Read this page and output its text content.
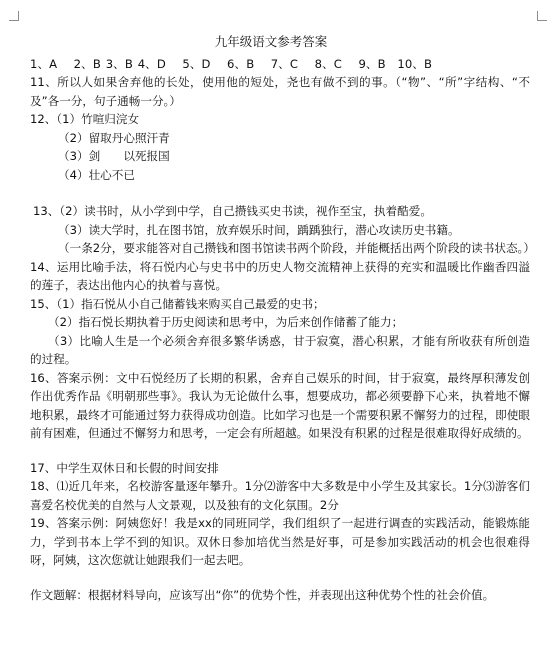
九年级语文参考答案
1、A　 2、B 3、B 4、D　 5、D　 6、B　 7、C　 8、C　 9、B　10、B
11、所以人如果舍弃他的长处，使用他的短处，尧也有做不到的事。（“物”、“所”字结构、“不及”各一分，句子通畅一分。）
12、（1）竹喧归浣女
（2）留取丹心照汗青
（3）剑　　以死报国
（4）壮心不已
13、（2）读书时，从小学到中学，自己攒钱买史书读，视作至宝，执着酷爱。
（3）读大学时，扎在图书馆，放弃娱乐时间，踽踽独行，潜心攻读历史书籍。
（一条2分，要求能答对自己攒钱和图书馆读书两个阶段，并能概括出两个阶段的读书状态。）
14、运用比喻手法，将石悦内心与史书中的历史人物交流精神上获得的充实和温暖比作幽香四溢的莲子，表达出他内心的执着与喜悦。
15、（1）指石悦从小自己储蓄钱来购买自己最爱的史书；
（2）指石悦长期执着于历史阅读和思考中，为后来创作储蓄了能力；
（3）比喻人生是一个必须舍弃很多繁华诱惑，甘于寂寞，潜心积累，才能有所收获有所创造的过程。
16、答案示例：文中石悦经历了长期的积累，舍弃自己娱乐的时间，甘于寂寞，最终厚积薄发创作出优秀作品《明朝那些事》。我认为无论做什么事，想要成功，都必须要静下心来，执着地不懈地积累，最终才可能通过努力获得成功创造。比如学习也是一个需要积累不懈努力的过程，即使眼前有困难，但通过不懈努力和思考，一定会有所超越。如果没有积累的过程是很难取得好成绩的。
17、中学生双休日和长假的时间安排
18、⑴近几年来，名校游客量逐年攀升。1分⑵游客中大多数是中小学生及其家长。1分⑶游客们喜爱名校优美的自然与人文景观，以及独有的文化氛围。2分
19、答案示例：阿姨您好！我是xx的同班同学，我们组织了一起进行调查的实践活动，能锻炼能力，学到书本上学不到的知识。双休日参加培优当然是好事，可是参加实践活动的机会也很难得呀，阿姨，这次您就让她跟我们一起去吧。
作文题解：根据材料导向，应该写出“你”的优势个性，并表现出这种优势个性的社会价值。
